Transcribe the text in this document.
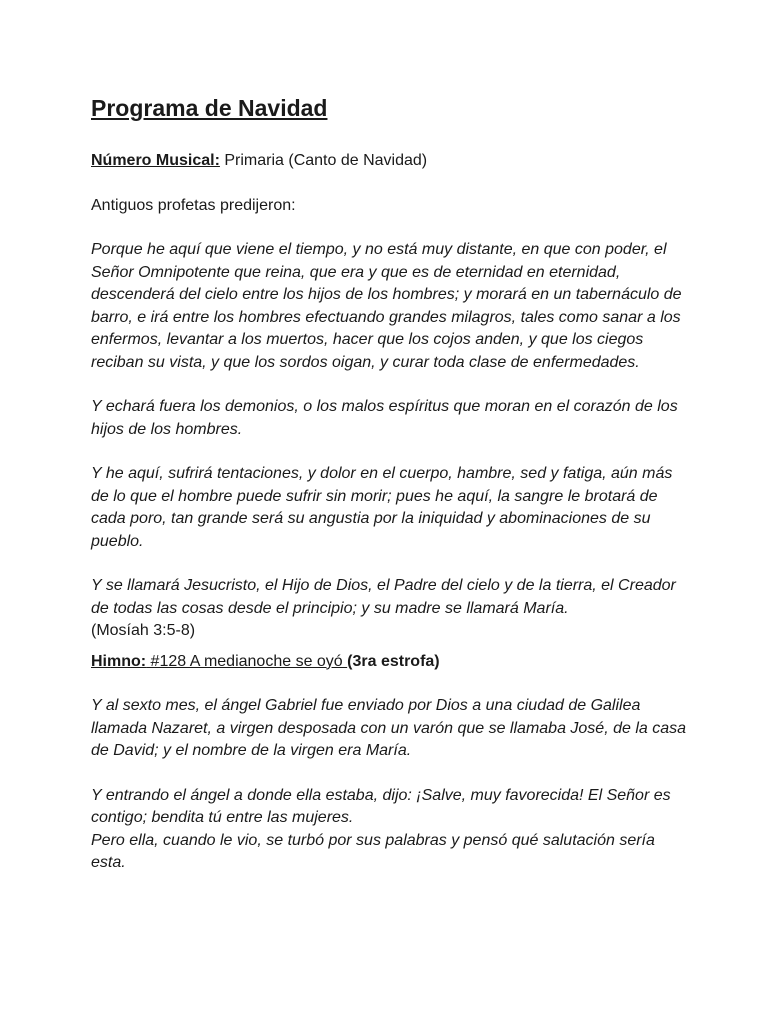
Programa de Navidad

Número Musical: Primaria (Canto de Navidad)

Antiguos profetas predijeron:

Porque he aquí que viene el tiempo, y no está muy distante, en que con poder, el Señor Omnipotente que reina, que era y que es de eternidad en eternidad, descenderá del cielo entre los hijos de los hombres; y morará en un tabernáculo de barro, e irá entre los hombres efectuando grandes milagros, tales como sanar a los enfermos, levantar a los muertos, hacer que los cojos anden, y que los ciegos reciban su vista, y que los sordos oigan, y curar toda clase de enfermedades.

Y echará fuera los demonios, o los malos espíritus que moran en el corazón de los hijos de los hombres.

Y he aquí, sufrirá tentaciones, y dolor en el cuerpo, hambre, sed y fatiga, aún más de lo que el hombre puede sufrir sin morir; pues he aquí, la sangre le brotará de cada poro, tan grande será su angustia por la iniquidad y abominaciones de su pueblo.

Y se llamará Jesucristo, el Hijo de Dios, el Padre del cielo y de la tierra, el Creador de todas las cosas desde el principio; y su madre se llamará María.
(Mosíah 3:5-8)

Himno: #128 A medianoche se oyó (3ra estrofa)

Y al sexto mes, el ángel Gabriel fue enviado por Dios a una ciudad de Galilea llamada Nazaret, a virgen desposada con un varón que se llamaba José, de la casa de David; y el nombre de la virgen era María.

Y entrando el ángel a donde ella estaba, dijo: ¡Salve, muy favorecida! El Señor es contigo; bendita tú entre las mujeres.

Pero ella, cuando le vio, se turbó por sus palabras y pensó qué salutación sería esta.
